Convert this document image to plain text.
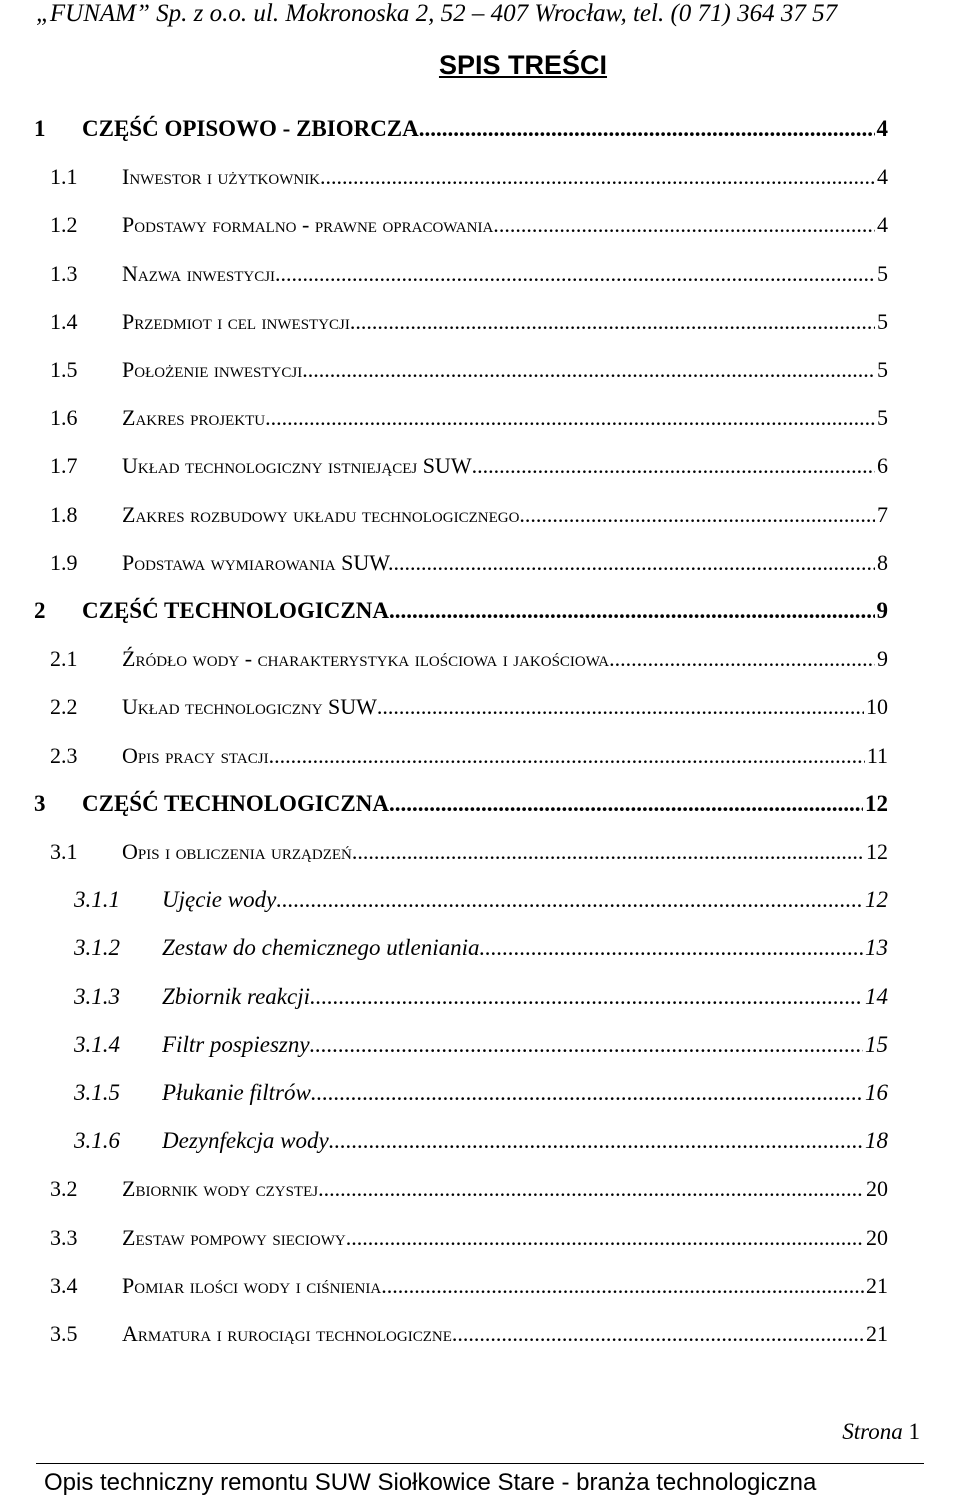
„FUNAM” Sp. z o.o. ul. Mokronoska 2, 52 – 407 Wrocław, tel. (0 71) 364 37 57
SPIS TREŚCI
1 CZĘŚĆ OPISOWO - ZBIORCZA .....	4
1.1 Inwestor i użytkownik. .....	4
1.2 Podstawy formalno - prawne opracowania. .....	4
1.3 Nazwa inwestycji. .....	5
1.4 Przedmiot i cel inwestycji. .....	5
1.5 Położenie inwestycji. .....	5
1.6 Zakres projektu. .....	5
1.7 Układ technologiczny istniejącej SUW .....	6
1.8 Zakres rozbudowy układu technologicznego .....	7
1.9 Podstawa wymiarowania SUW. .....	8
2 CZĘŚĆ TECHNOLOGICZNA. .....	9
2.1 Źródło wody - charakterystyka ilościowa i jakościowa. .....	9
2.2 Układ technologiczny SUW .....	10
2.3 Opis pracy stacji .....	11
3 CZĘŚĆ TECHNOLOGICZNA. .....	12
3.1 Opis i obliczenia urządzeń .....	12
3.1.1 Ujęcie wody .....	12
3.1.2 Zestaw do chemicznego utleniania .....	13
3.1.3 Zbiornik reakcji .....	14
3.1.4 Filtr pospieszny .....	15
3.1.5 Płukanie filtrów .....	16
3.1.6 Dezynfekcja wody .....	18
3.2 Zbiornik wody czystej .....	20
3.3 Zestaw pompowy sieciowy .....	20
3.4 Pomiar ilości wody i ciśnienia .....	21
3.5 Armatura i rurociągi technologiczne. .....	21
Strona 1
Opis techniczny remontu SUW Siołkowice Stare - branża technologiczna
